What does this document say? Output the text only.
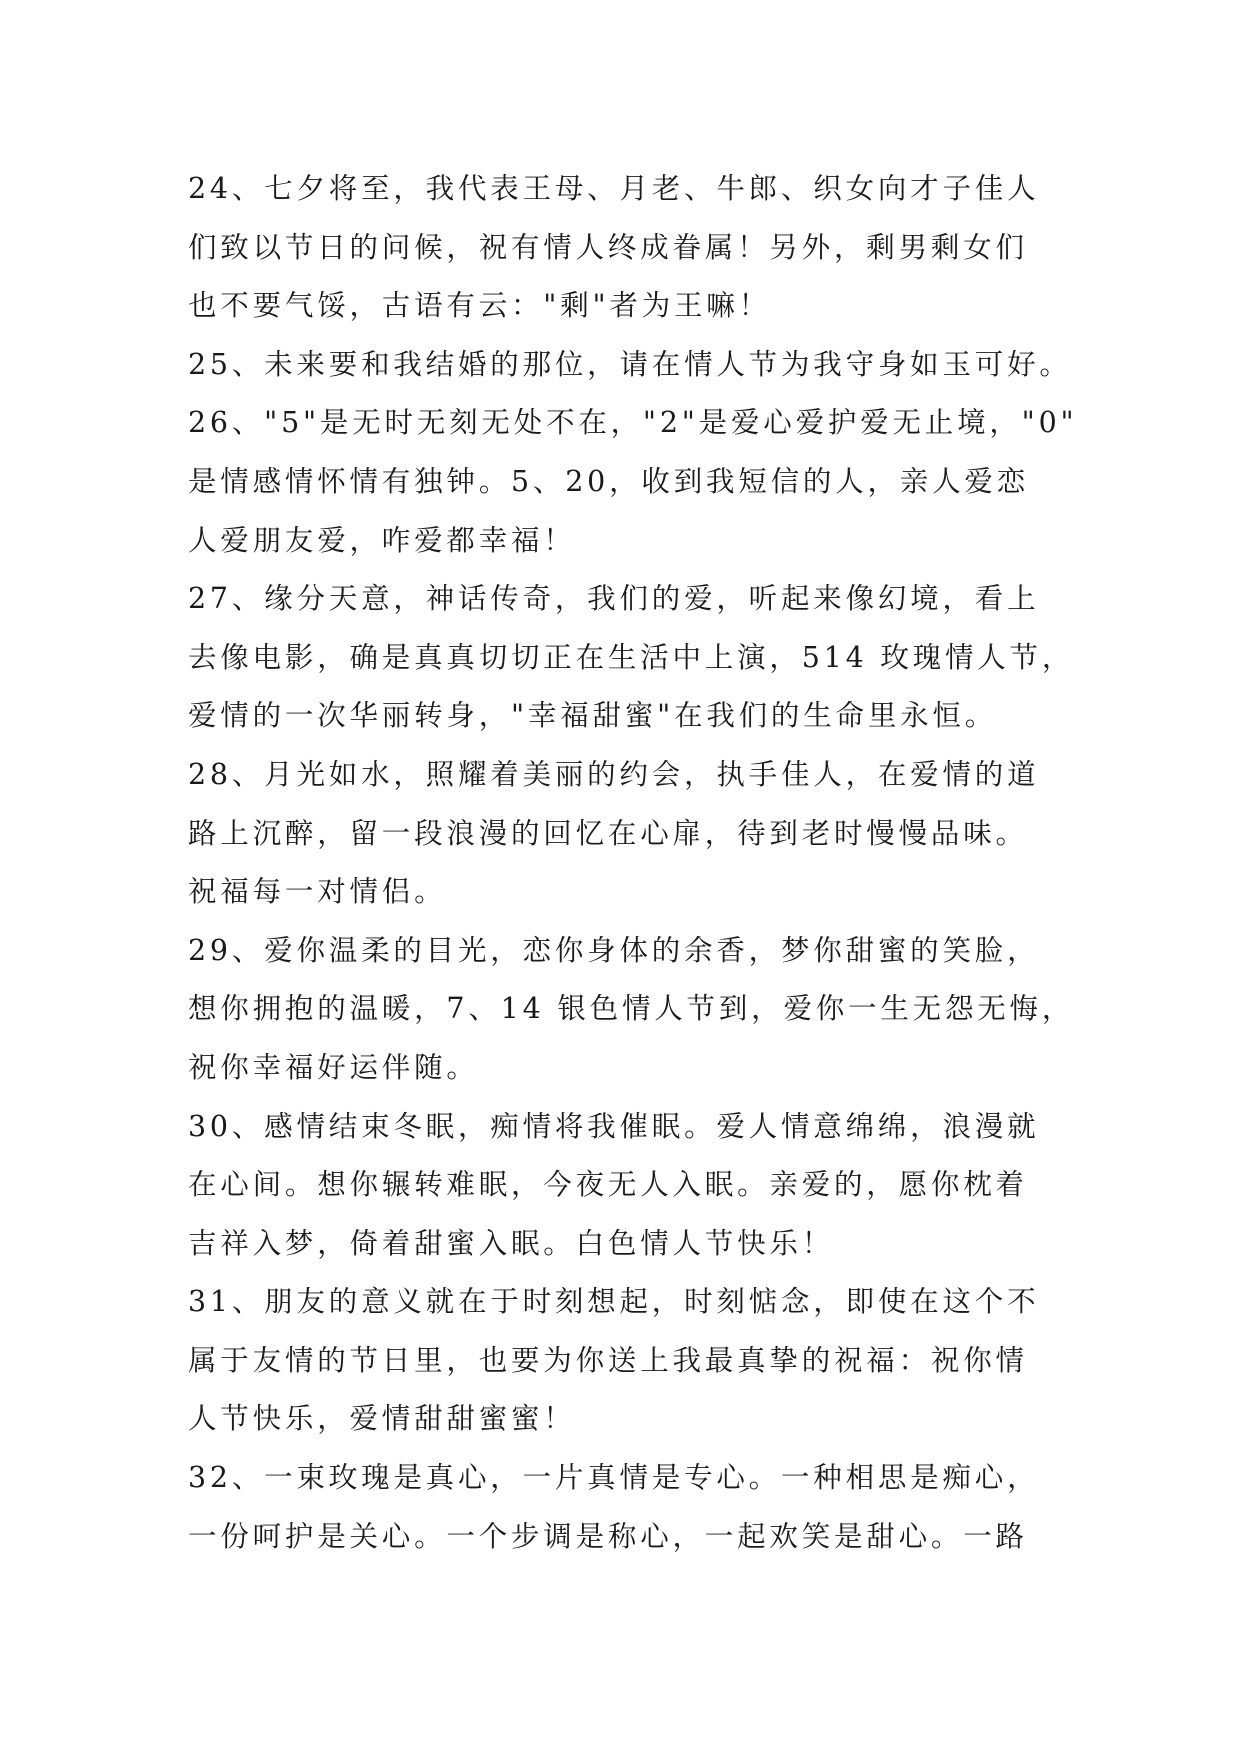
24、七夕将至，我代表王母、月老、牛郎、织女向才子佳人
们致以节日的问候，祝有情人终成眷属！另外，剩男剩女们
也不要气馁，古语有云："剩"者为王嘛！
25、未来要和我结婚的那位，请在情人节为我守身如玉可好。
26、"5"是无时无刻无处不在，"2"是爱心爱护爱无止境，"0"
是情感情怀情有独钟。5、20，收到我短信的人，亲人爱恋
人爱朋友爱，咋爱都幸福！
27、缘分天意，神话传奇，我们的爱，听起来像幻境，看上
去像电影，确是真真切切正在生活中上演，514 玫瑰情人节，
爱情的一次华丽转身，"幸福甜蜜"在我们的生命里永恒。
28、月光如水，照耀着美丽的约会，执手佳人，在爱情的道
路上沉醉，留一段浪漫的回忆在心扉，待到老时慢慢品味。
祝福每一对情侣。
29、爱你温柔的目光，恋你身体的余香，梦你甜蜜的笑脸，
想你拥抱的温暖，7、14 银色情人节到，爱你一生无怨无悔，
祝你幸福好运伴随。
30、感情结束冬眠，痴情将我催眠。爱人情意绵绵，浪漫就
在心间。想你辗转难眠，今夜无人入眠。亲爱的，愿你枕着
吉祥入梦，倚着甜蜜入眠。白色情人节快乐！
31、朋友的意义就在于时刻想起，时刻惦念，即使在这个不
属于友情的节日里，也要为你送上我最真挚的祝福：祝你情
人节快乐，爱情甜甜蜜蜜！
32、一束玫瑰是真心，一片真情是专心。一种相思是痴心，
一份呵护是关心。一个步调是称心，一起欢笑是甜心。一路
